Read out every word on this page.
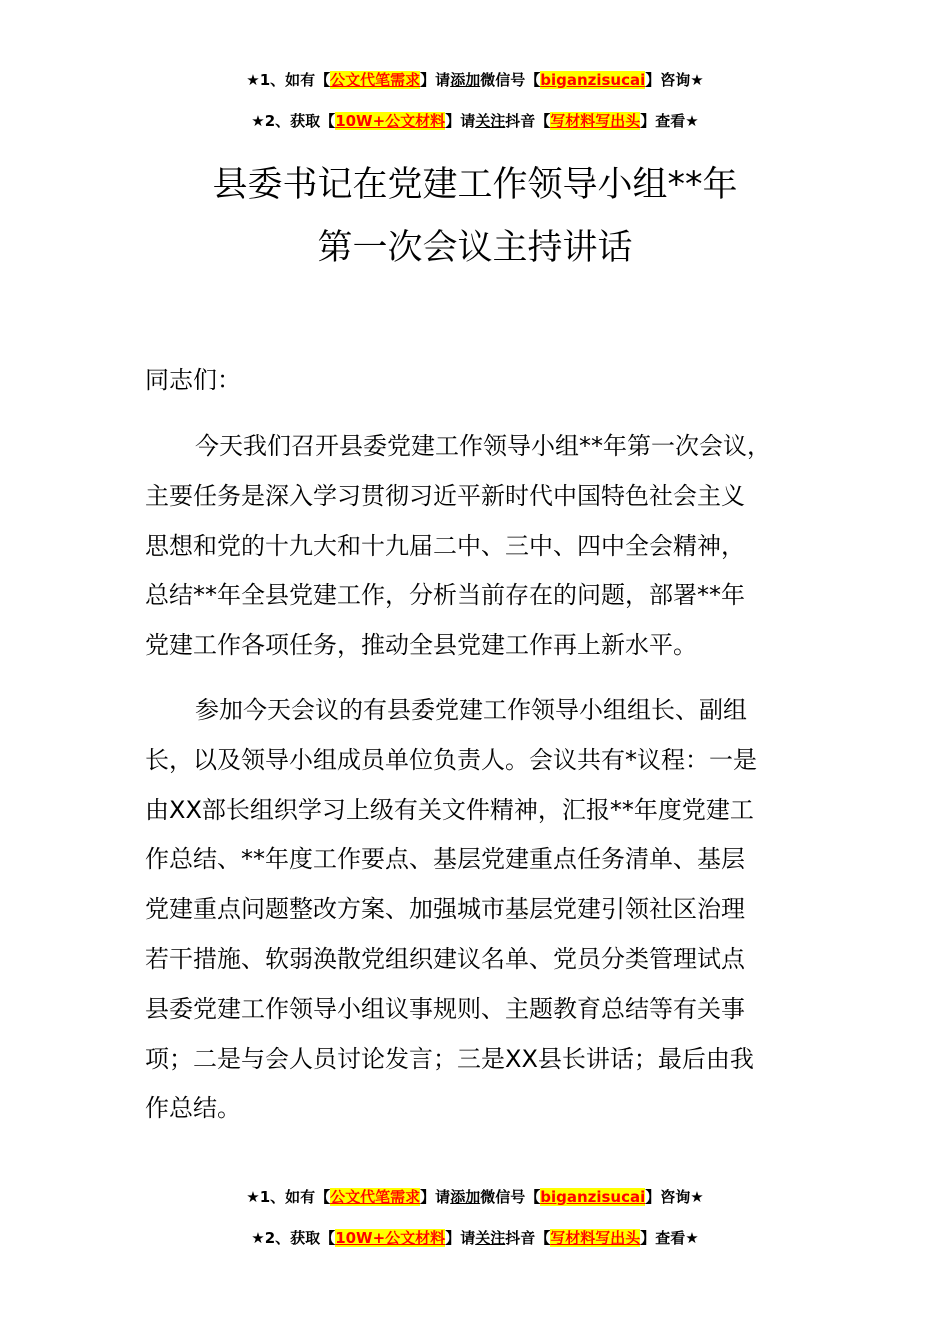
★1、如有【公文代笔需求】请添加微信号【biganzisucai】咨询★
★2、获取【10W+公文材料】请关注抖音【写材料写出头】查看★
县委书记在党建工作领导小组**年
第一次会议主持讲话
同志们：
今天我们召开县委党建工作领导小组**年第一次会议，
主要任务是深入学习贯彻习近平新时代中国特色社会主义
思想和党的十九大和十九届二中、三中、四中全会精神，
总结**年全县党建工作，分析当前存在的问题，部署**年
党建工作各项任务，推动全县党建工作再上新水平。
参加今天会议的有县委党建工作领导小组组长、副组
长，以及领导小组成员单位负责人。会议共有*议程：一是
由XX部长组织学习上级有关文件精神，汇报**年度党建工
作总结、**年度工作要点、基层党建重点任务清单、基层
党建重点问题整改方案、加强城市基层党建引领社区治理
若干措施、软弱涣散党组织建议名单、党员分类管理试点
县委党建工作领导小组议事规则、主题教育总结等有关事
项；二是与会人员讨论发言；三是XX县长讲话；最后由我
作总结。
★1、如有【公文代笔需求】请添加微信号【biganzisucai】咨询★
★2、获取【10W+公文材料】请关注抖音【写材料写出头】查看★
